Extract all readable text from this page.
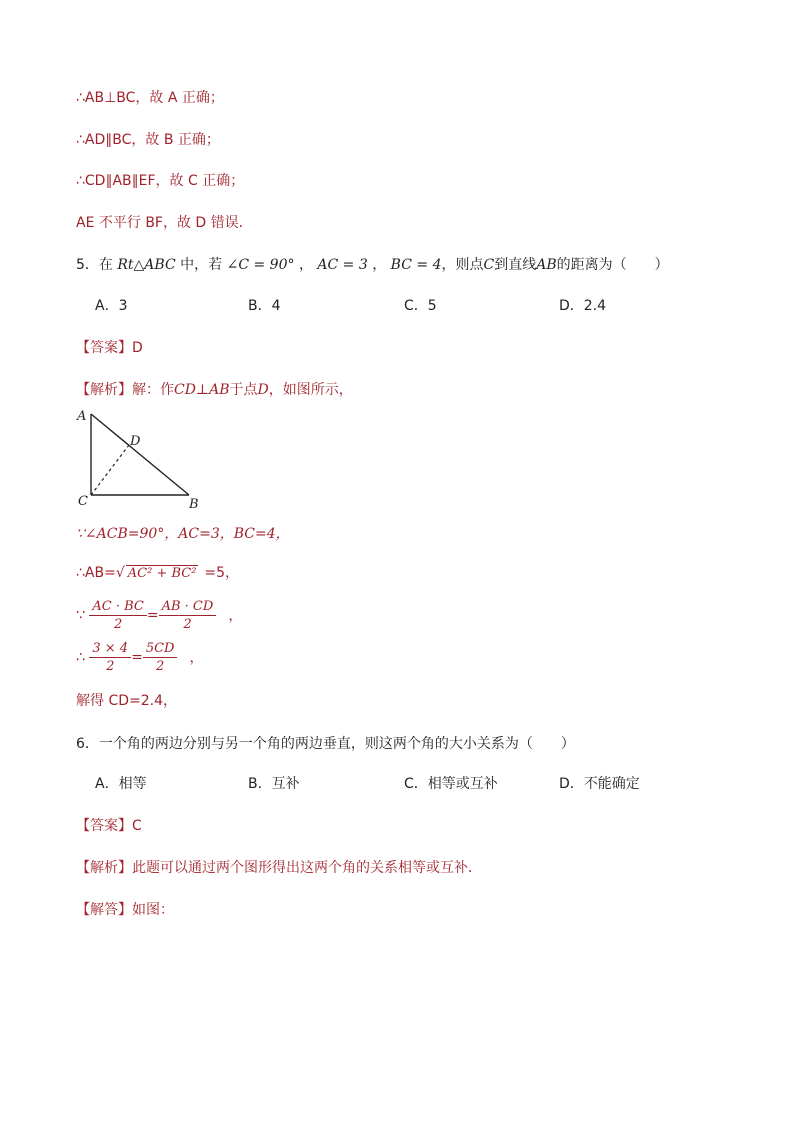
∴AB⊥BC，故 A 正确；
∴AD∥BC，故 B 正确；
∴CD∥AB∥EF，故 C 正确；
AE 不平行 BF，故 D 错误.
5．在 Rt△ABC 中，若 ∠C = 90° ， AC = 3 ， BC = 4，则点C到直线AB的距离为（　　）
A．3	B．4	C．5	D．2.4
【答案】D
【解析】解：作CD⊥AB于点D，如图所示，
A
D
C	B
∵∠ACB=90°，AC=3，BC=4，
∴AB=√ AC² + BC² =5，
∵ $\frac{AC \cdot BC}{2} = \frac{AB \cdot CD}{2}$ ，
∴ $\frac{3 \times 4}{2} = \frac{5CD}{2}$ ，
解得 CD=2.4，
6．一个角的两边分别与另一个角的两边垂直，则这两个角的大小关系为（　　）
A．相等	B．互补	C．相等或互补	D．不能确定
【答案】C
【解析】此题可以通过两个图形得出这两个角的关系相等或互补．
【解答】如图：
